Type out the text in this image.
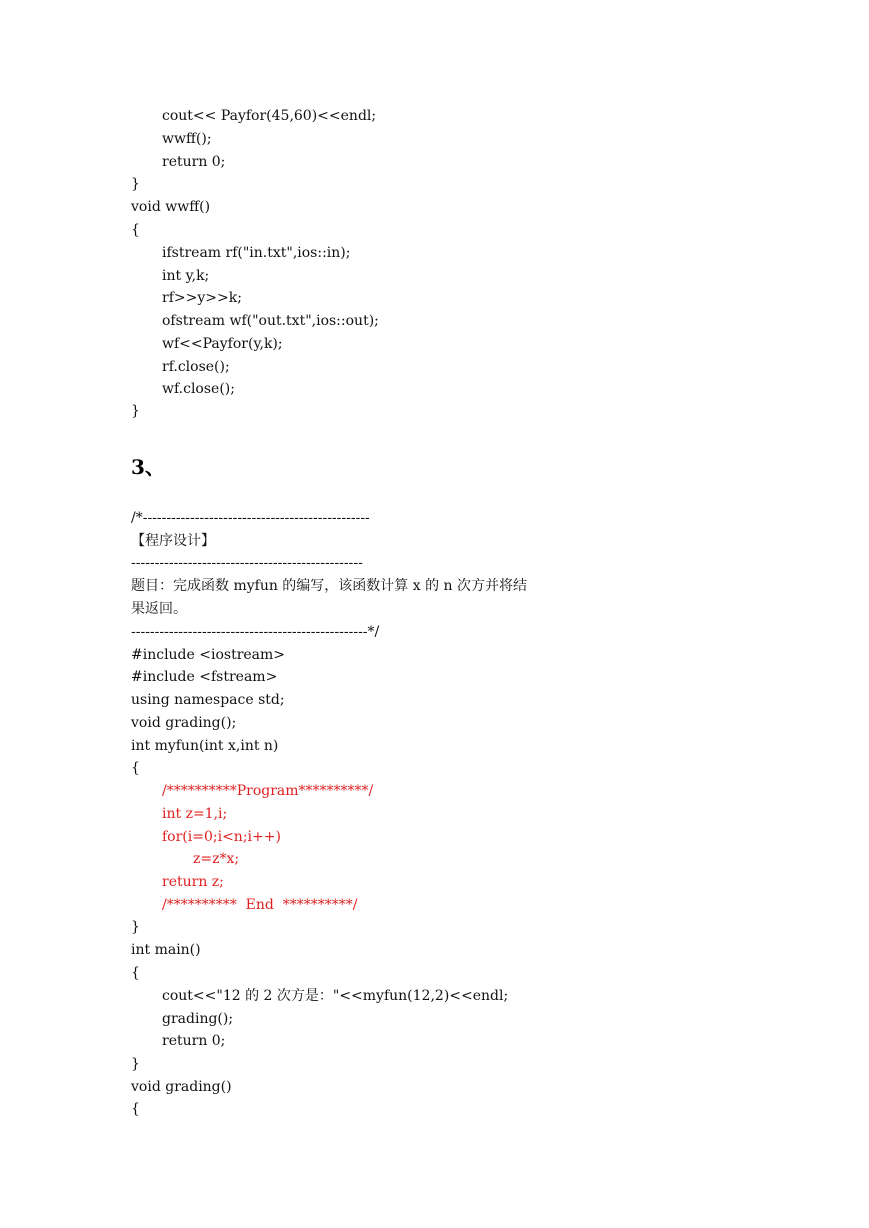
cout<< Payfor(45,60)<<endl;
wwff();
return 0;
}
void wwff()
{
ifstream rf("in.txt",ios::in);
int y,k;
rf>>y>>k;
ofstream wf("out.txt",ios::out);
wf<<Payfor(y,k);
rf.close();
wf.close();
}
3、
/*------------------------------------------------
【程序设计】
-------------------------------------------------
题目：完成函数 myfun 的编写，该函数计算 x 的 n 次方并将结
果返回。
--------------------------------------------------*/
#include <iostream>
#include <fstream>
using namespace std;
void grading();
int myfun(int x,int n)
{
/**********Program**********/
int z=1,i;
for(i=0;i<n;i++)
z=z*x;
return z;
/**********  End  **********/
}
int main()
{
cout<<"12 的 2 次方是："<<myfun(12,2)<<endl;
grading();
return 0;
}
void grading()
{
